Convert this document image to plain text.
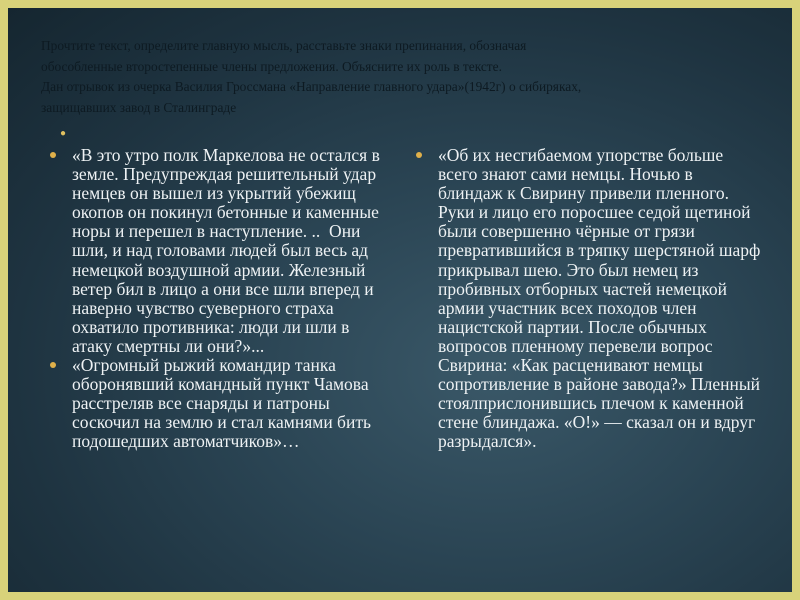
Прочтите текст, определите главную мысль, расставьте знаки препинания, обозначая

обособленные второстепенные члены предложения. Объясните их роль в тексте.

Дан отрывок из очерка Василия Гроссмана «Направление главного удара»(1942г) о сибиряках,

защищавших завод в Сталинграде

●
«В это утро полк Маркелова не остался в земле. Предупреждая решительный удар немцев он вышел из укрытий убежищ окопов он покинул бетонные и каменные норы и перешел в наступление. ..  Они шли, и над головами людей был весь ад немецкой воздушной армии. Железный ветер бил в лицо а они все шли вперед и наверно чувство суеверного страха охватило противника: люди ли шли в атаку смертны ли они?»...
«Огромный рыжий командир танка оборонявший командный пункт Чамова расстреляв все снаряды и патроны соскочил на землю и стал камнями бить подошедших автоматчиков»…
«Об их несгибаемом упорстве больше всего знают сами немцы. Ночью в блиндаж к Свирину привели пленного. Руки и лицо его поросшее седой щетиной были совершенно чёрные от грязи превратившийся в тряпку шерстяной шарф прикрывал шею. Это был немец из пробивных отборных частей немецкой армии участник всех походов член нацистской партии. После обычных вопросов пленному перевели вопрос Свирина: «Как расценивают немцы сопротивление в районе завода?» Пленный стоялприслонившись плечом к каменной стене блиндажа. «О!» — сказал он и вдруг разрыдался».
